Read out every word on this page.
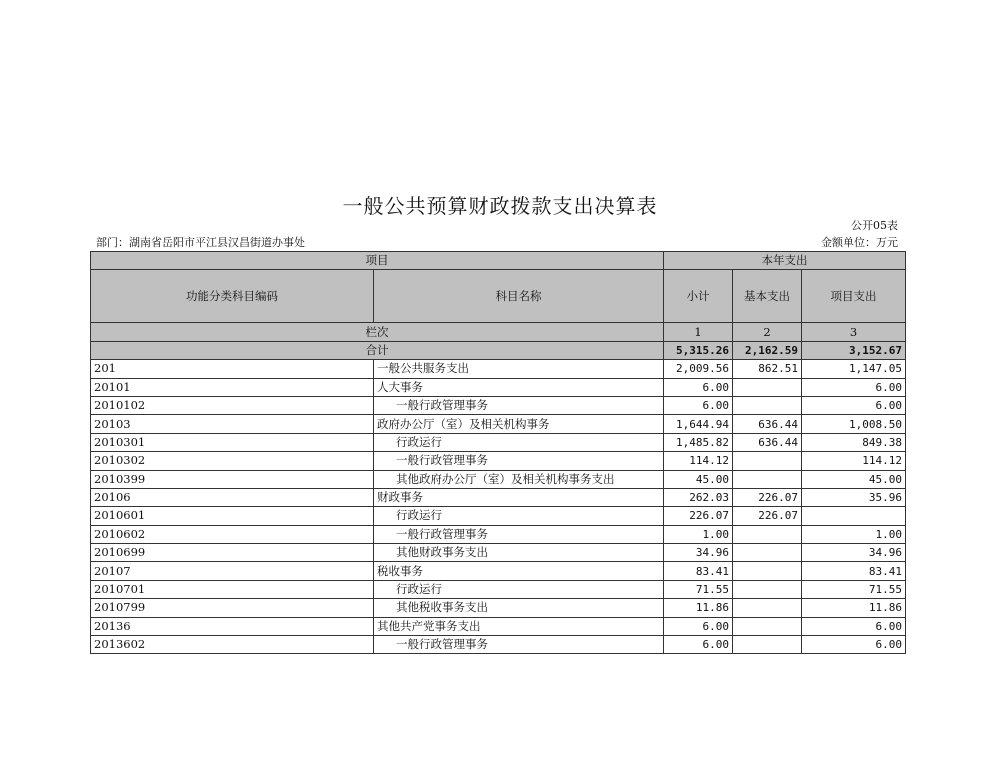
一般公共预算财政拨款支出决算表
公开05表
部门：湖南省岳阳市平江县汉昌街道办事处	金额单位：万元
项目		本年支出		
功能分类科目编码	科目名称	小计	基本支出	项目支出
栏次		1	2	3
合计		5,315.26	2,162.59	3,152.67
201	一般公共服务支出	2,009.56	862.51	1,147.05
20101	人大事务	6.00		6.00
2010102	一般行政管理事务	6.00		6.00
20103	政府办公厅（室）及相关机构事务	1,644.94	636.44	1,008.50
2010301	行政运行	1,485.82	636.44	849.38
2010302	一般行政管理事务	114.12		114.12
2010399	其他政府办公厅（室）及相关机构事务支出	45.00		45.00
20106	财政事务	262.03	226.07	35.96
2010601	行政运行	226.07	226.07	
2010602	一般行政管理事务	1.00		1.00
2010699	其他财政事务支出	34.96		34.96
20107	税收事务	83.41		83.41
2010701	行政运行	71.55		71.55
2010799	其他税收事务支出	11.86		11.86
20136	其他共产党事务支出	6.00		6.00
2013602	一般行政管理事务	6.00		6.00
